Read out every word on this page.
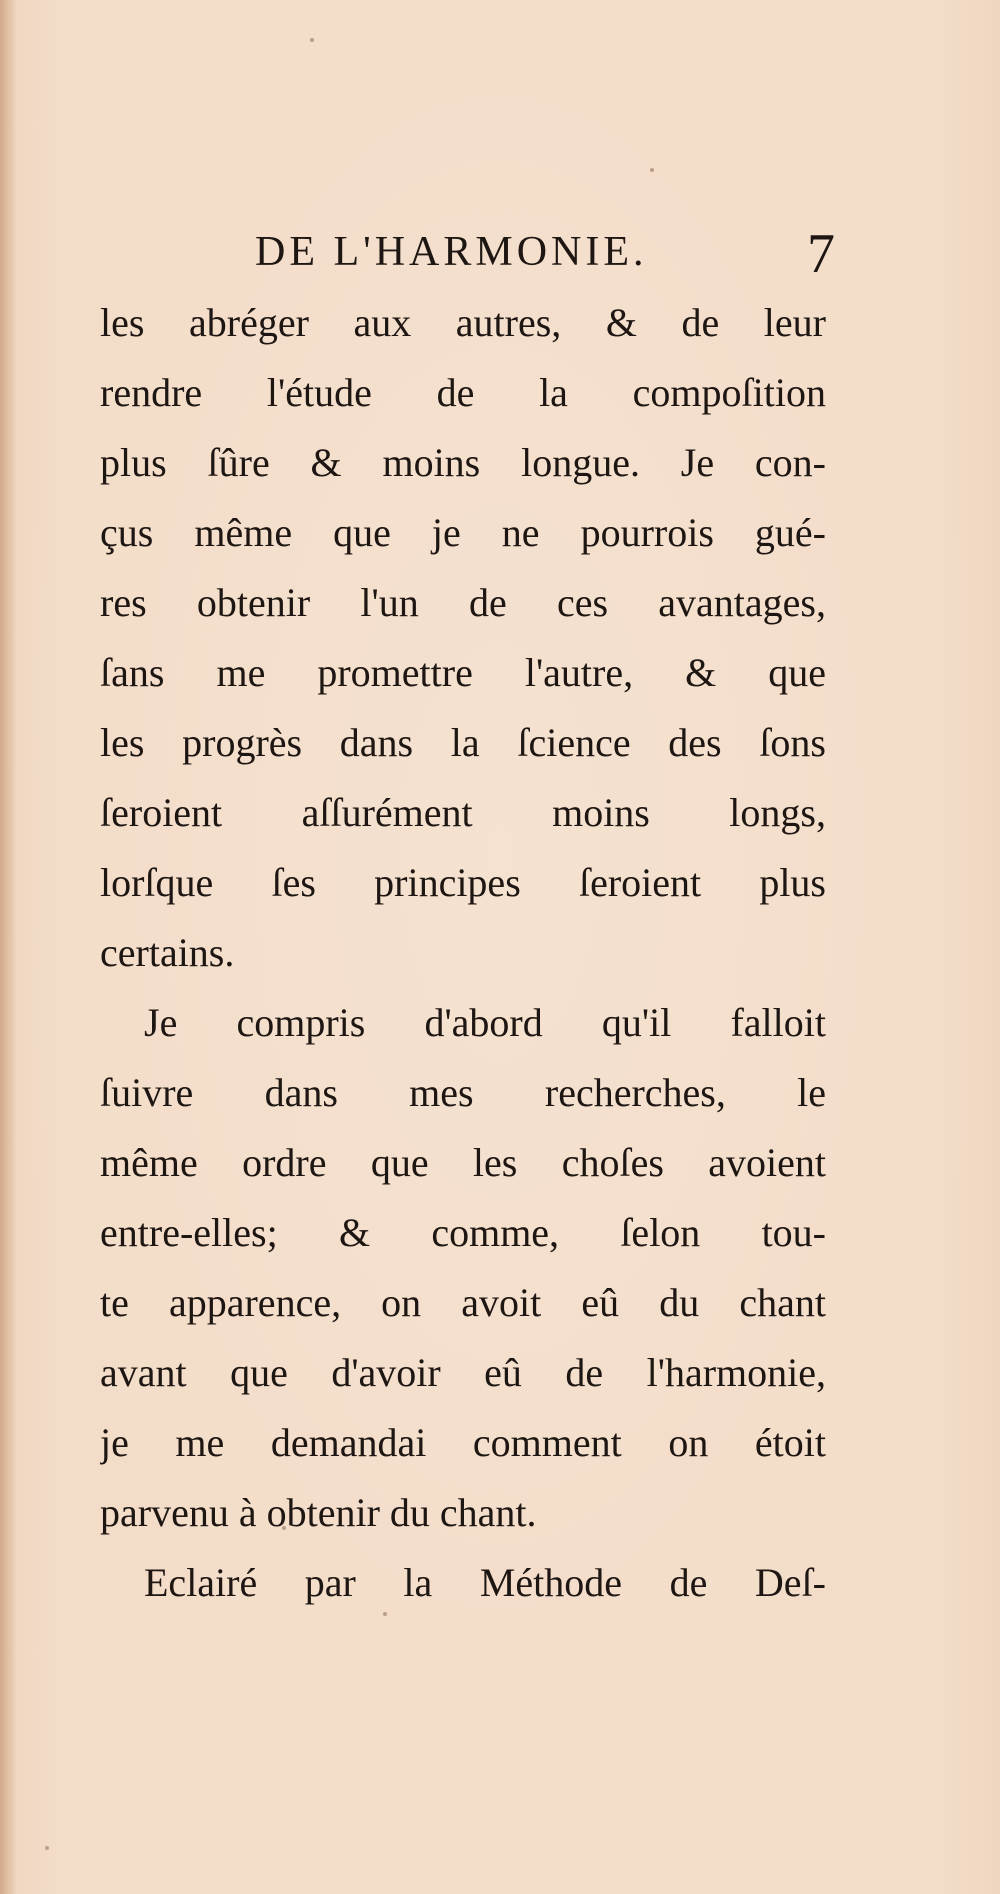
DE L'HARMONIE.	7
les abréger aux autres, & de leur
rendre l'étude de la compoſition
plus ſûre & moins longue. Je con-
çus même que je ne pourrois gué-
res obtenir l'un de ces avantages,
ſans me promettre l'autre, & que
les progrès dans la ſcience des ſons
ſeroient aſſurément moins longs,
lorſque ſes principes ſeroient plus
certains.
Je compris d'abord qu'il falloit
ſuivre dans mes recherches, le
même ordre que les choſes avoient
entre-elles; & comme, ſelon tou-
te apparence, on avoit eû du chant
avant que d'avoir eû de l'harmonie,
je me demandai comment on étoit
parvenu à obtenir du chant.
Eclairé par la Méthode de Deſ-
